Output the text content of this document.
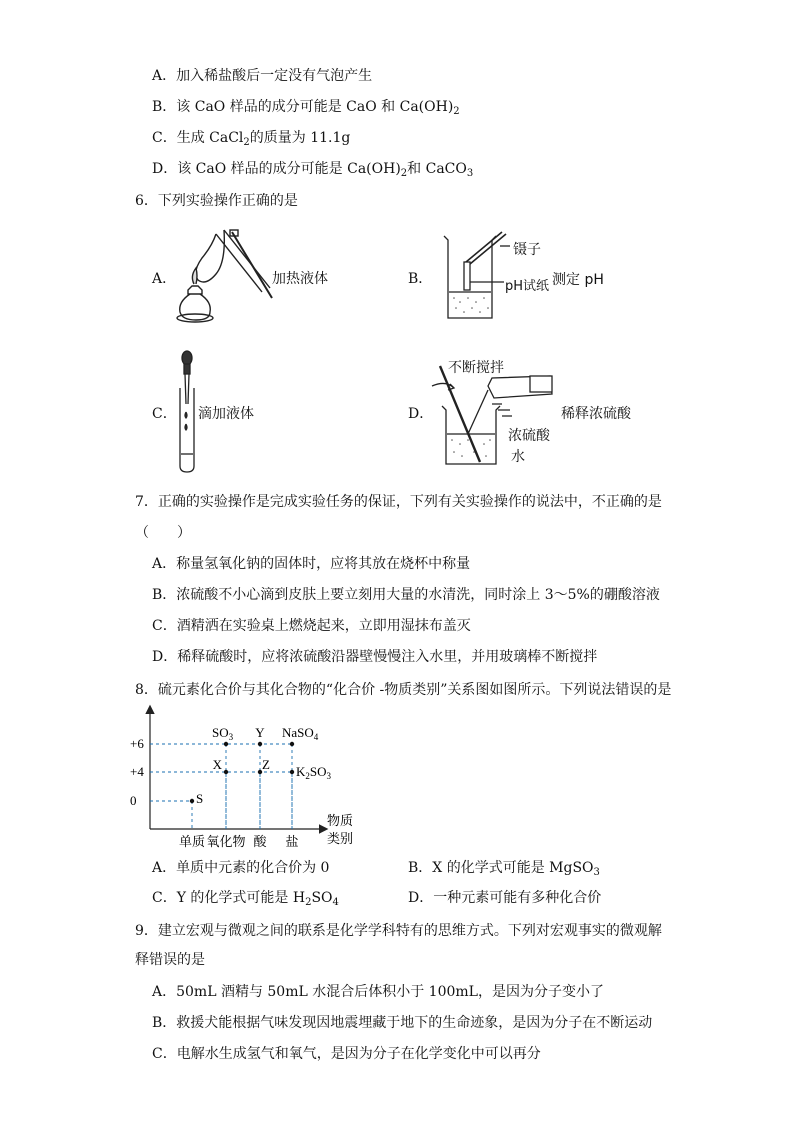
A．加入稀盐酸后一定没有气泡产生
B．该 CaO 样品的成分可能是 CaO 和 $Ca(OH)_2$
C．生成 CaCl$_2$的质量为 11.1g
D．该 CaO 样品的成分可能是 $Ca(OH)_2$和 CaCO$_3$
6．下列实验操作正确的是
A．	加热液体	B．
镊子
pH试纸 测定 pH
C． 滴加液体	D．
不断搅拌
稀释浓硫酸
浓硫酸
水
7．正确的实验操作是完成实验任务的保证，下列有关实验操作的说法中，不正确的是
（　　）
A．称量氢氧化钠的固体时，应将其放在烧杯中称量
B．浓硫酸不小心滴到皮肤上要立刻用大量的水清洗，同时涂上 3～5%的硼酸溶液
C．酒精洒在实验桌上燃烧起来，立即用湿抹布盖灭
D．稀释硫酸时，应将浓硫酸沿器壁慢慢注入水里，并用玻璃棒不断搅拌
8．硫元素化合价与其化合物的“化合价 -物质类别”关系图如图所示。下列说法错误的是
S
$SO_3$
X
Y
Z
NaSO$_4$
$K_2SO_3$
+6
+4
0
单质 氧化物 酸 盐
物质
类别
A．单质中元素的化合价为 0	B．X 的化学式可能是 MgSO$_3$
C．Y 的化学式可能是 $H_2SO_4$	D．一种元素可能有多种化合价
9．建立宏观与微观之间的联系是化学学科特有的思维方式。下列对宏观事实的微观解
释错误的是
A．50mL 酒精与 50mL 水混合后体积小于 100mL，是因为分子变小了
B．救援犬能根据气味发现因地震埋藏于地下的生命迹象，是因为分子在不断运动
C．电解水生成氢气和氧气，是因为分子在化学变化中可以再分
